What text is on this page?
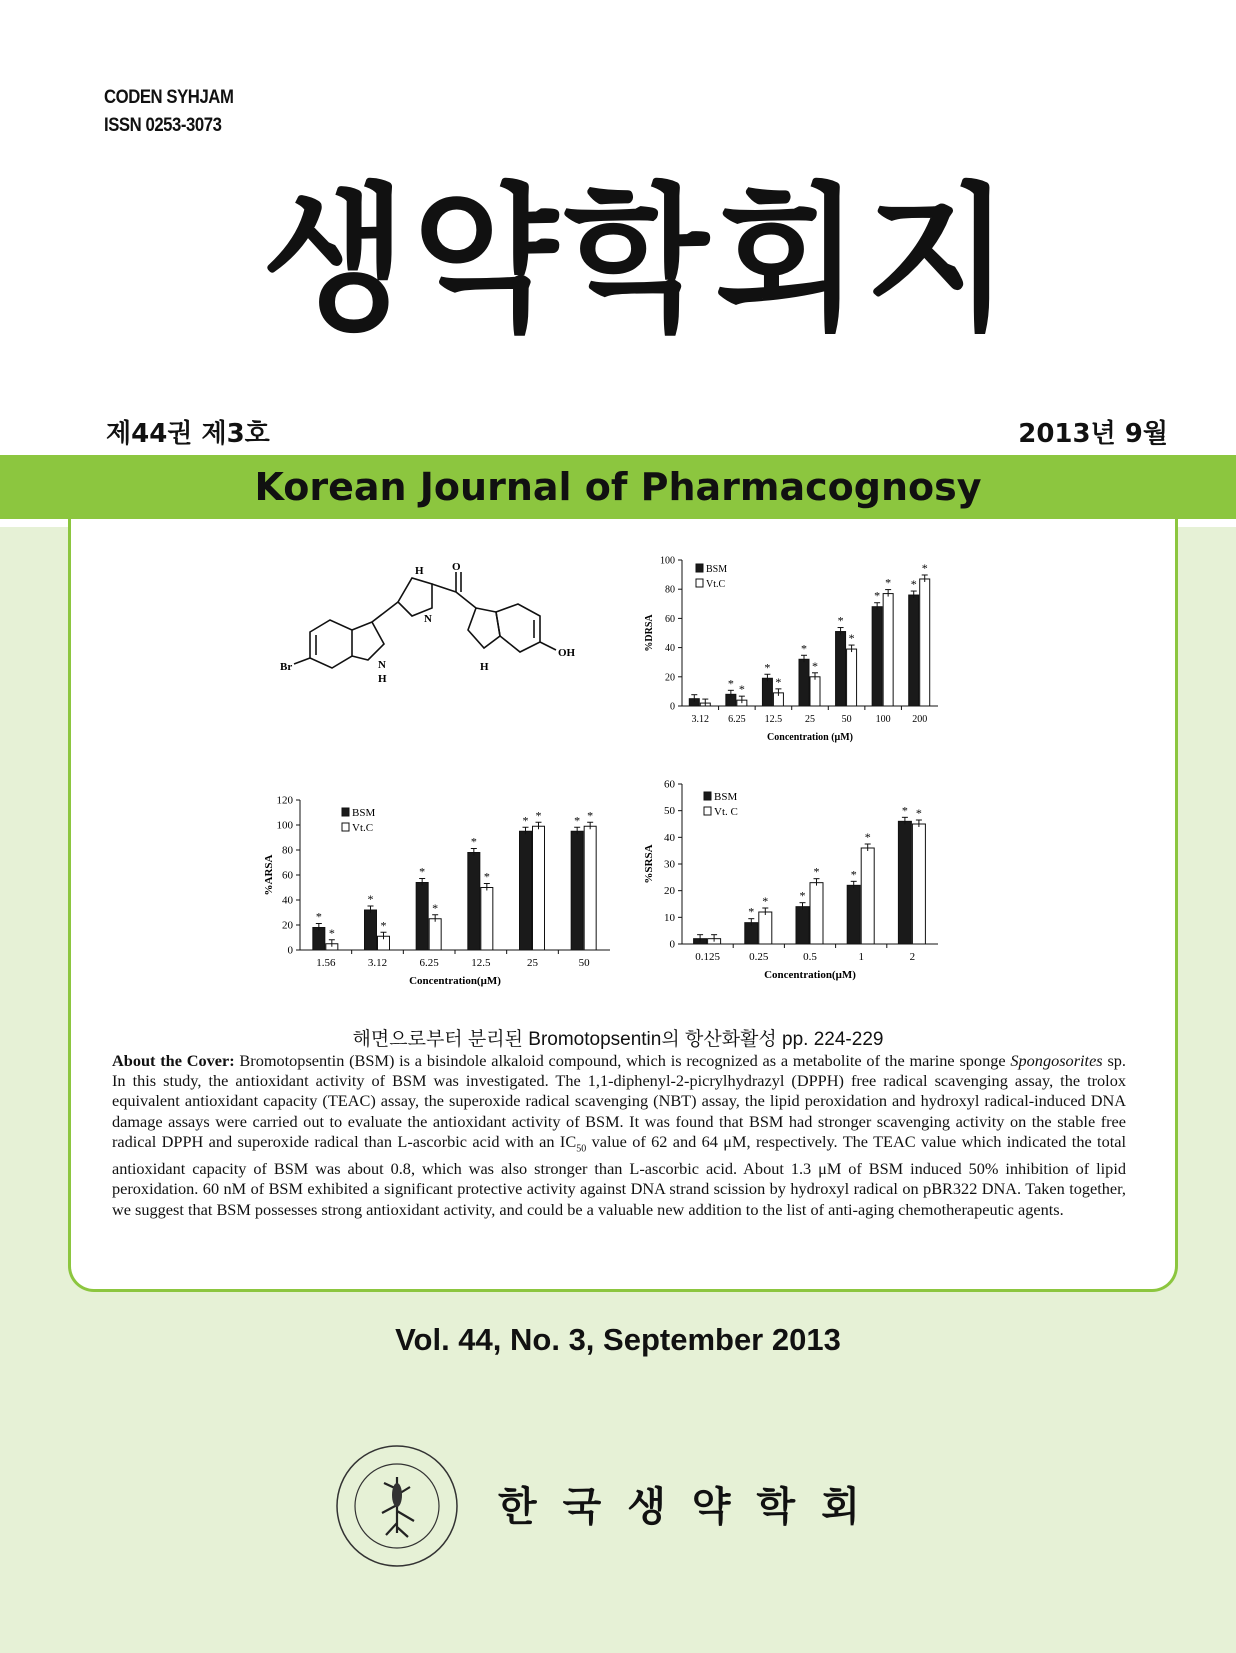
CODEN SYHJAM
ISSN 0253-3073
생약학회지
제44권 제3호	2013년 9월
Korean Journal of Pharmacognosy
H
N
O
N
Br
H
H
OH
0
20
40
60
80
100
3.12 6.25
* *
12.5
*
*
25
*
*
50
*
*
100
*
*
200
*
*
BSM
Vt.C
Concentration (μM)
%DRSA
0
20
40
60
80
100
120
1.56
*
*
3.12
*
*
6.25
*
*
12.5
*
*
25
* *
50
* *
BSM
Vt.C
Concentration(μM)
%ARSA
0
10
20
30
40
50
60
0.125	0.25
*
*
0.5
*
*
1
*
*
2
* *
BSM
Vt. C
Concentration(μM)
%SRSA
해면으로부터 분리된 Bromotopsentin의 항산화활성 pp. 224-229
About the Cover: Bromotopsentin (BSM) is a bisindole alkaloid compound, which is recognized as a metabolite of the marine sponge Spongosorites sp. In this study, the antioxidant activity of BSM was investigated. The 1,1-diphenyl-2-picrylhydrazyl (DPPH) free radical scavenging assay, the trolox equivalent antioxidant capacity (TEAC) assay, the superoxide radical scavenging (NBT) assay, the lipid peroxidation and hydroxyl radical-induced DNA damage assays were carried out to evaluate the antioxidant activity of BSM. It was found that BSM had stronger scavenging activity on the stable free radical DPPH and superoxide radical than L-ascorbic acid with an $IC_{50}$ value of 62 and 64 μM, respectively. The TEAC value which indicated the total antioxidant capacity of BSM was about 0.8, which was also stronger than L-ascorbic acid. About 1.3 μM of BSM induced 50% inhibition of lipid peroxidation. 60 nM of BSM exhibited a significant protective activity against DNA strand scission by hydroxyl radical on pBR322 DNA. Taken together, we suggest that BSM possesses strong antioxidant activity, and could be a valuable new addition to the list of anti-aging chemotherapeutic agents.
Vol. 44, No. 3, September 2013
한국생약학회
